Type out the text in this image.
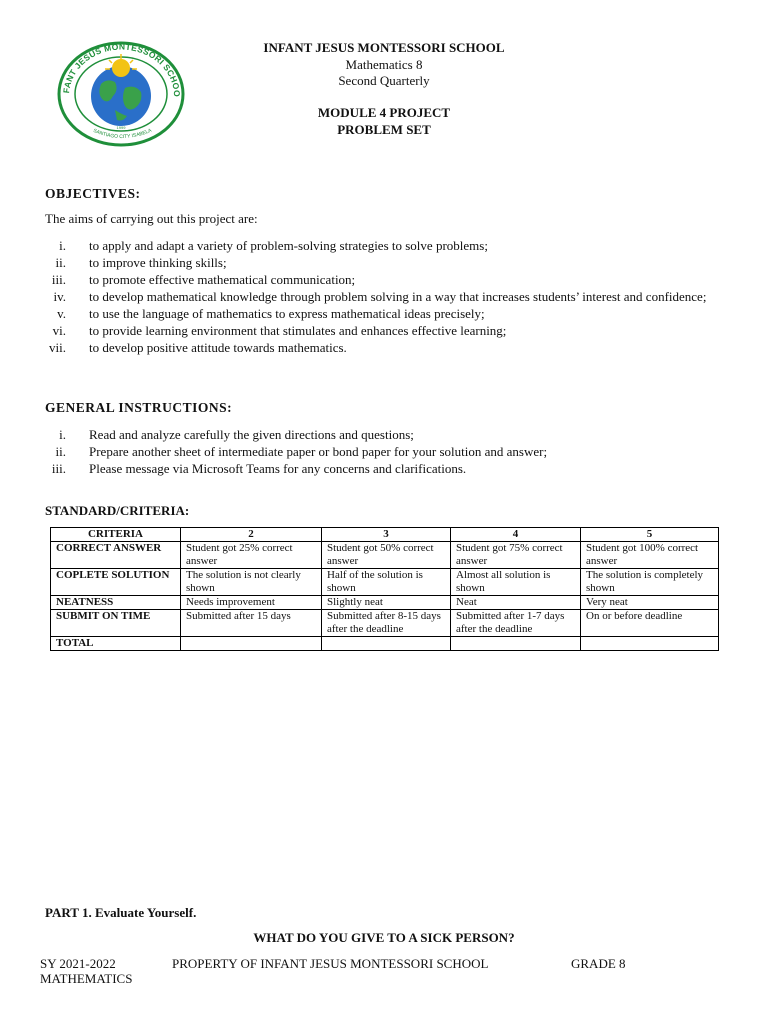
FANT JESUS MONTESSORI SCHOO
1999
SANTIAGO CITY ISABELA
INFANT JESUS MONTESSORI SCHOOL
Mathematics 8
Second Quarterly
MODULE 4 PROJECT
PROBLEM SET
OBJECTIVES:
The aims of carrying out this project are:
i. to apply and adapt a variety of problem-solving strategies to solve problems;
ii. to improve thinking skills;
iii. to promote effective mathematical communication;
iv. to develop mathematical knowledge through problem solving in a way that increases students’ interest and confidence;
v. to use the language of mathematics to express mathematical ideas precisely;
vi. to provide learning environment that stimulates and enhances effective learning;
vii. to develop positive attitude towards mathematics.
GENERAL INSTRUCTIONS:
i. Read and analyze carefully the given directions and questions;
ii. Prepare another sheet of intermediate paper or bond paper for your solution and answer;
iii. Please message via Microsoft Teams for any concerns and clarifications.
STANDARD/CRITERIA:
CRITERIA	2	3	4	5
CORRECT ANSWER	Student got 25% correct answer	Student got 50% correct answer	Student got 75% correct answer	Student got 100% correct answer
COPLETE SOLUTION	The solution is not clearly shown	Half of the solution is shown	Almost all solution is shown	The solution is completely shown
NEATNESS	Needs improvement	Slightly neat	Neat	Very neat
SUBMIT ON TIME	Submitted after 15 days	Submitted after 8-15 days after the deadline	Submitted after 1-7 days after the deadline	On or before deadline
TOTAL				
PART 1. Evaluate Yourself.
WHAT DO YOU GIVE TO A SICK PERSON?
SY 2021-2022	PROPERTY OF INFANT JESUS MONTESSORI SCHOOL	GRADE 8
MATHEMATICS
